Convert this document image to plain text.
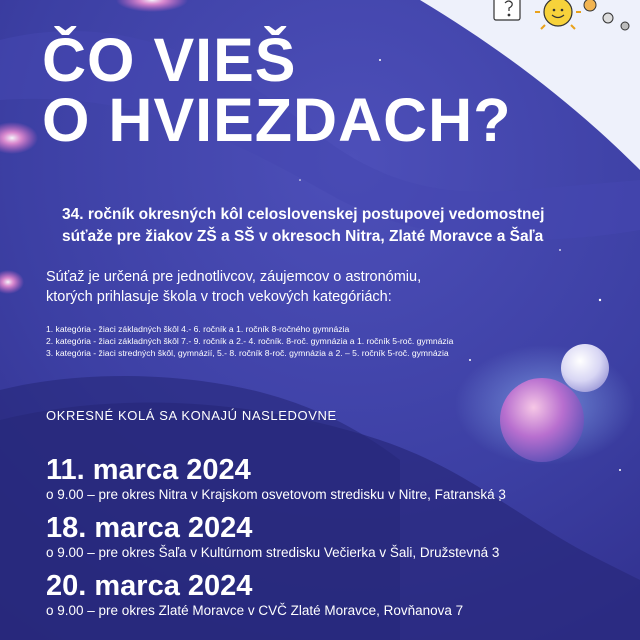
ČO VIEŠ
O HVIEZDACH?

34. ročník okresných kôl celoslovenskej postupovej vedomostnej
súťaže pre žiakov ZŠ a SŠ v okresoch Nitra, Zlaté Moravce a Šaľa

Súťaž je určená pre jednotlivcov, záujemcov o astronómiu,
ktorých prihlasuje škola v troch vekových kategóriách:

1. kategória - žiaci základných škôl 4.- 6. ročník a 1. ročník 8-ročného gymnázia
2. kategória - žiaci základných škôl 7.- 9. ročník a 2.- 4. ročník. 8-roč. gymnázia a 1. ročník 5-roč. gymnázia
3. kategória - žiaci stredných škôl, gymnázií, 5.- 8. ročník 8-roč. gymnázia a 2. – 5. ročník 5-roč. gymnázia
OKRESNÉ KOLÁ SA KONAJÚ NASLEDOVNE
11. marca 2024
o 9.00 – pre okres Nitra v Krajskom osvetovom stredisku v Nitre, Fatranská 3
18. marca 2024
o 9.00 – pre okres Šaľa v Kultúrnom stredisku Večierka v Šali, Družstevná 3
20. marca 2024
o 9.00 – pre okres Zlaté Moravce v CVČ Zlaté Moravce, Rovňanova 7
